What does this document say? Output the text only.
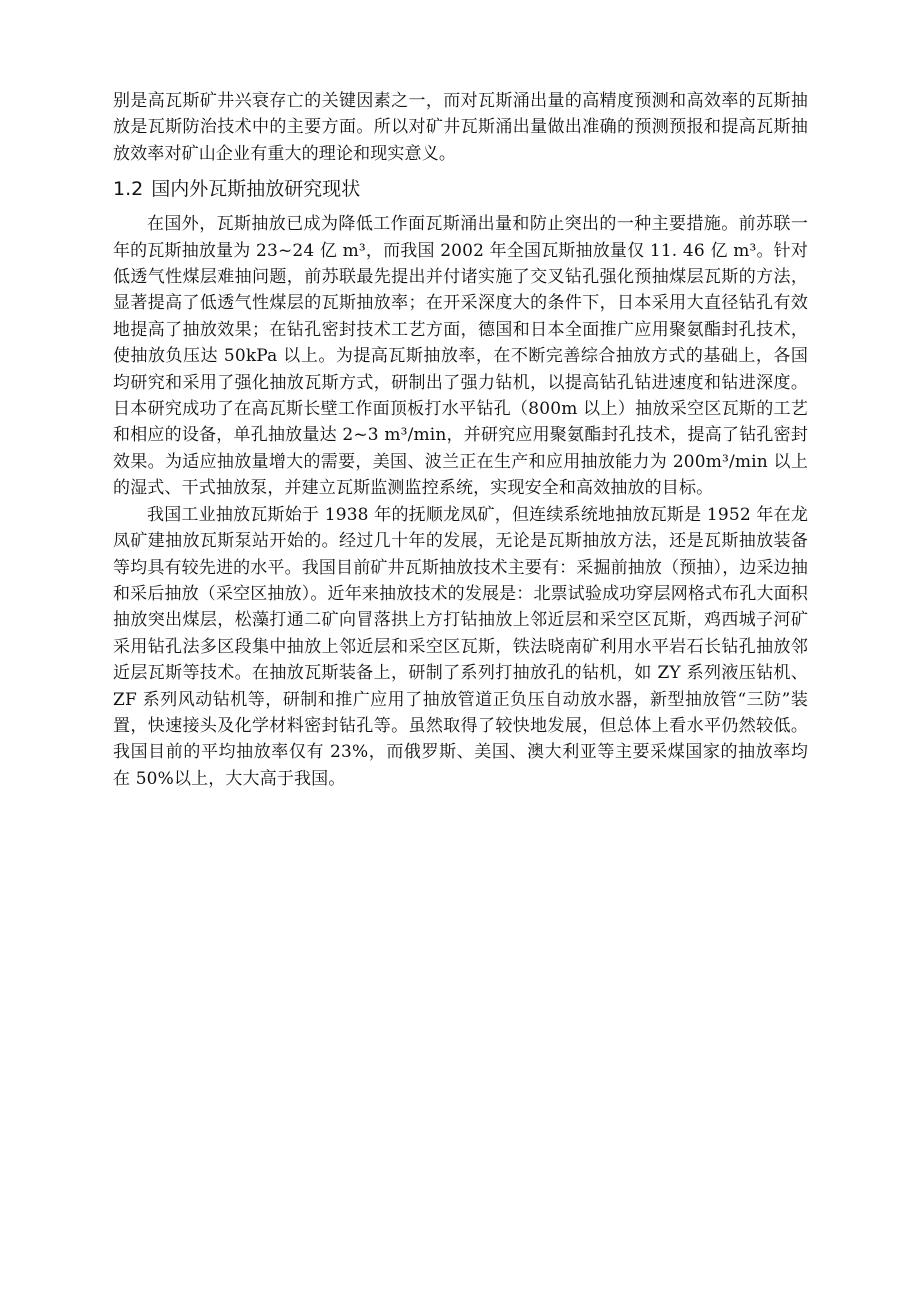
别是高瓦斯矿井兴衰存亡的关键因素之一，而对瓦斯涌出量的高精度预测和高效率的瓦斯抽放是瓦斯防治技术中的主要方面。所以对矿井瓦斯涌出量做出准确的预测预报和提高瓦斯抽放效率对矿山企业有重大的理论和现实意义。

1.2 国内外瓦斯抽放研究现状

在国外，瓦斯抽放已成为降低工作面瓦斯涌出量和防止突出的一种主要措施。前苏联一年的瓦斯抽放量为 23~24 亿 m³，而我国 2002 年全国瓦斯抽放量仅 11. 46 亿 m³。针对低透气性煤层难抽问题，前苏联最先提出并付诸实施了交叉钻孔强化预抽煤层瓦斯的方法，显著提高了低透气性煤层的瓦斯抽放率；在开采深度大的条件下，日本采用大直径钻孔有效地提高了抽放效果；在钻孔密封技术工艺方面，德国和日本全面推广应用聚氨酯封孔技术，使抽放负压达 50kPa 以上。为提高瓦斯抽放率，在不断完善综合抽放方式的基础上，各国均研究和采用了强化抽放瓦斯方式，研制出了强力钻机，以提高钻孔钻进速度和钻进深度。日本研究成功了在高瓦斯长壁工作面顶板打水平钻孔（800m 以上）抽放采空区瓦斯的工艺和相应的设备，单孔抽放量达 2~3 m³/min，并研究应用聚氨酯封孔技术，提高了钻孔密封效果。为适应抽放量增大的需要，美国、波兰正在生产和应用抽放能力为 200m³/min 以上的湿式、干式抽放泵，并建立瓦斯监测监控系统，实现安全和高效抽放的目标。

我国工业抽放瓦斯始于 1938 年的抚顺龙凤矿，但连续系统地抽放瓦斯是 1952 年在龙凤矿建抽放瓦斯泵站开始的。经过几十年的发展，无论是瓦斯抽放方法，还是瓦斯抽放装备等均具有较先进的水平。我国目前矿井瓦斯抽放技术主要有：采掘前抽放（预抽），边采边抽和采后抽放（采空区抽放）。近年来抽放技术的发展是：北票试验成功穿层网格式布孔大面积抽放突出煤层，松藻打通二矿向冒落拱上方打钻抽放上邻近层和采空区瓦斯，鸡西城子河矿采用钻孔法多区段集中抽放上邻近层和采空区瓦斯，铁法晓南矿利用水平岩石长钻孔抽放邻近层瓦斯等技术。在抽放瓦斯装备上，研制了系列打抽放孔的钻机，如 ZY 系列液压钻机、ZF 系列风动钻机等，研制和推广应用了抽放管道正负压自动放水器，新型抽放管“三防”装置，快速接头及化学材料密封钻孔等。虽然取得了较快地发展，但总体上看水平仍然较低。我国目前的平均抽放率仅有 23%，而俄罗斯、美国、澳大利亚等主要采煤国家的抽放率均在 50%以上，大大高于我国。
